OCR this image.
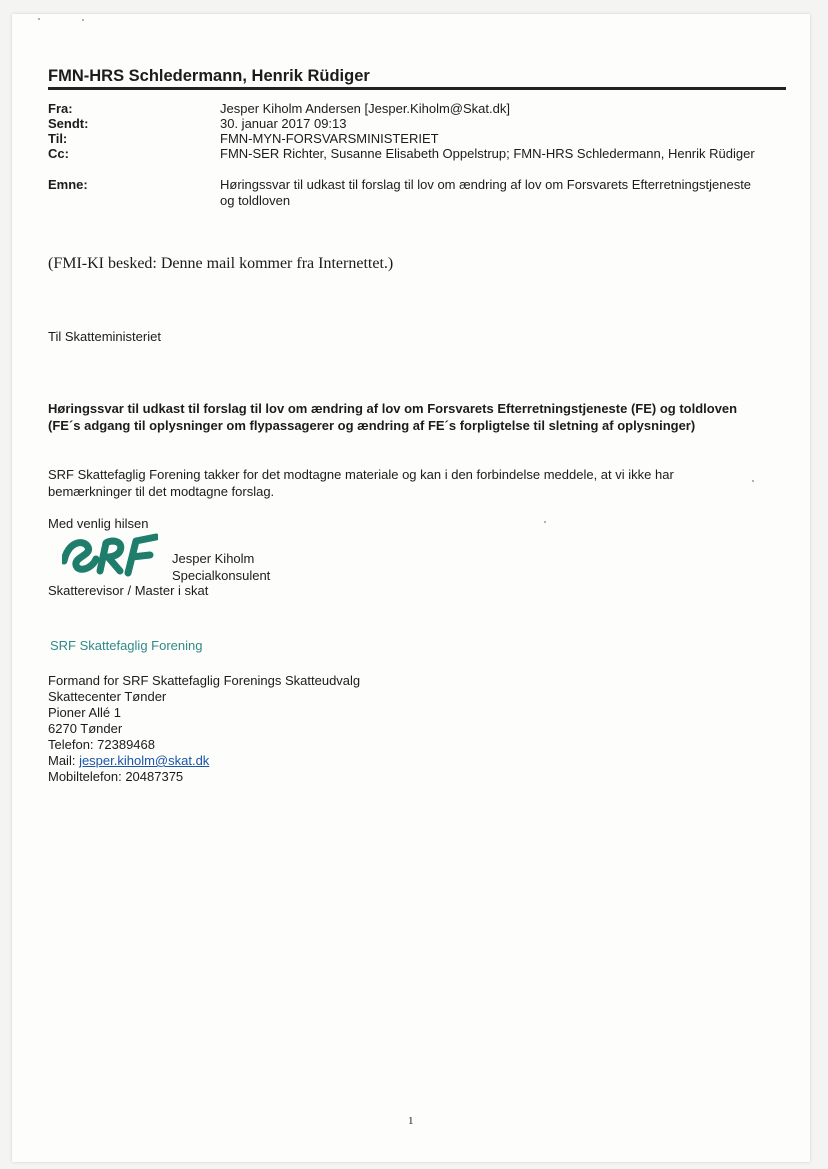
FMN-HRS Schledermann, Henrik Rüdiger
Fra:	Jesper Kiholm Andersen [Jesper.Kiholm@Skat.dk]
Sendt:	30. januar 2017 09:13
Til:	FMN-MYN-FORSVARSMINISTERIET
Cc:	FMN-SER Richter, Susanne Elisabeth Oppelstrup; FMN-HRS Schledermann, Henrik Rüdiger
Emne:	Høringssvar til udkast til forslag til lov om ændring af lov om Forsvarets Efterretningstjeneste og toldloven
(FMI-KI besked: Denne mail kommer fra Internettet.)
Til Skatteministeriet
Høringssvar til udkast til forslag til lov om ændring af lov om Forsvarets Efterretningstjeneste (FE) og toldloven (FE´s adgang til oplysninger om flypassagerer og ændring af FE´s forpligtelse til sletning af oplysninger)
SRF Skattefaglig Forening takker for det modtagne materiale og kan i den forbindelse meddele, at vi ikke har bemærkninger til det modtagne forslag.
Med venlig hilsen
Jesper Kiholm
Specialkonsulent
Skatterevisor / Master i skat
SRF Skattefaglig Forening
Formand for SRF Skattefaglig Forenings Skatteudvalg
Skattecenter Tønder
Pioner Allé 1
6270 Tønder
Telefon: 72389468
Mail: jesper.kiholm@skat.dk
Mobiltelefon: 20487375
1
